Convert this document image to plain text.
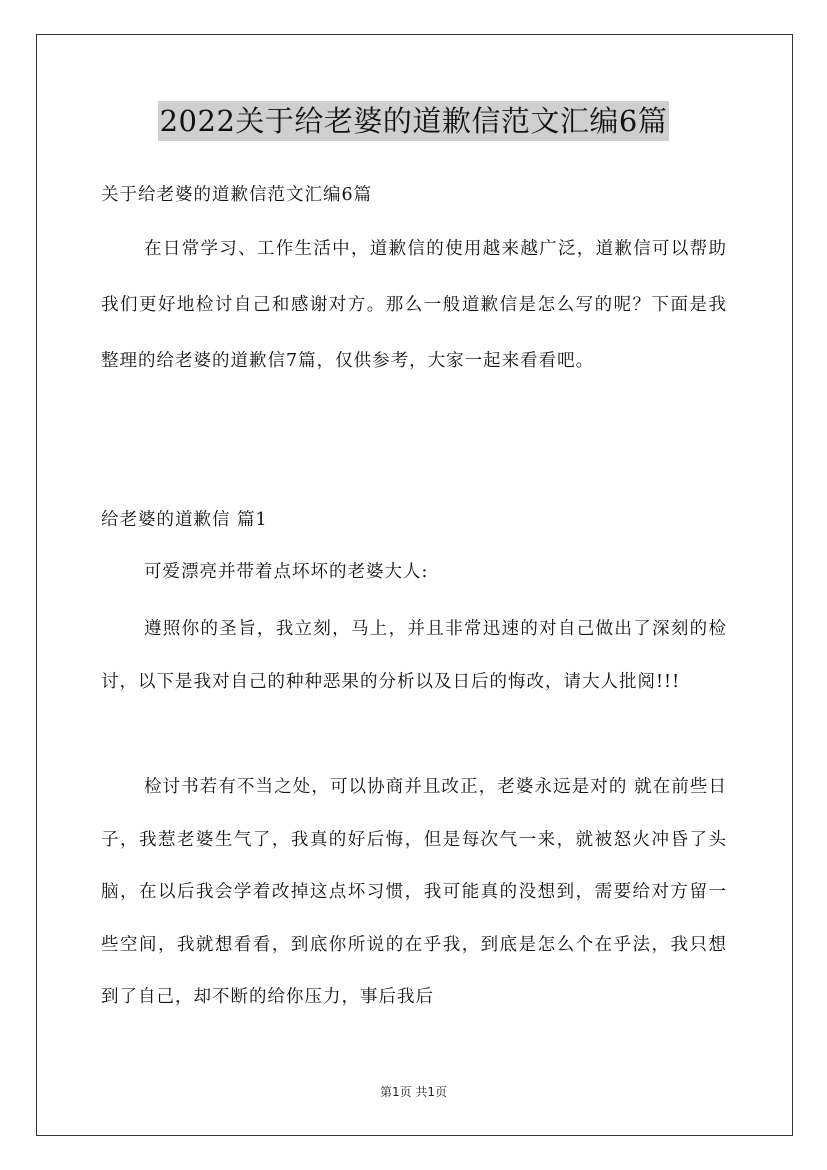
2022关于给老婆的道歉信范文汇编6篇
关于给老婆的道歉信范文汇编6篇
在日常学习、工作生活中，道歉信的使用越来越广泛，道歉信可以帮助我们更好地检讨自己和感谢对方。那么一般道歉信是怎么写的呢？下面是我整理的给老婆的道歉信7篇，仅供参考，大家一起来看看吧。
给老婆的道歉信 篇1
可爱漂亮并带着点坏坏的老婆大人:
遵照你的圣旨，我立刻，马上，并且非常迅速的对自己做出了深刻的检讨，以下是我对自己的种种恶果的分析以及日后的悔改，请大人批阅!!!
检讨书若有不当之处，可以协商并且改正，老婆永远是对的 就在前些日子，我惹老婆生气了，我真的好后悔，但是每次气一来，就被怒火冲昏了头脑，在以后我会学着改掉这点坏习惯，我可能真的没想到，需要给对方留一些空间，我就想看看，到底你所说的在乎我，到底是怎么个在乎法，我只想到了自己，却不断的给你压力，事后我后
第1页 共1页
